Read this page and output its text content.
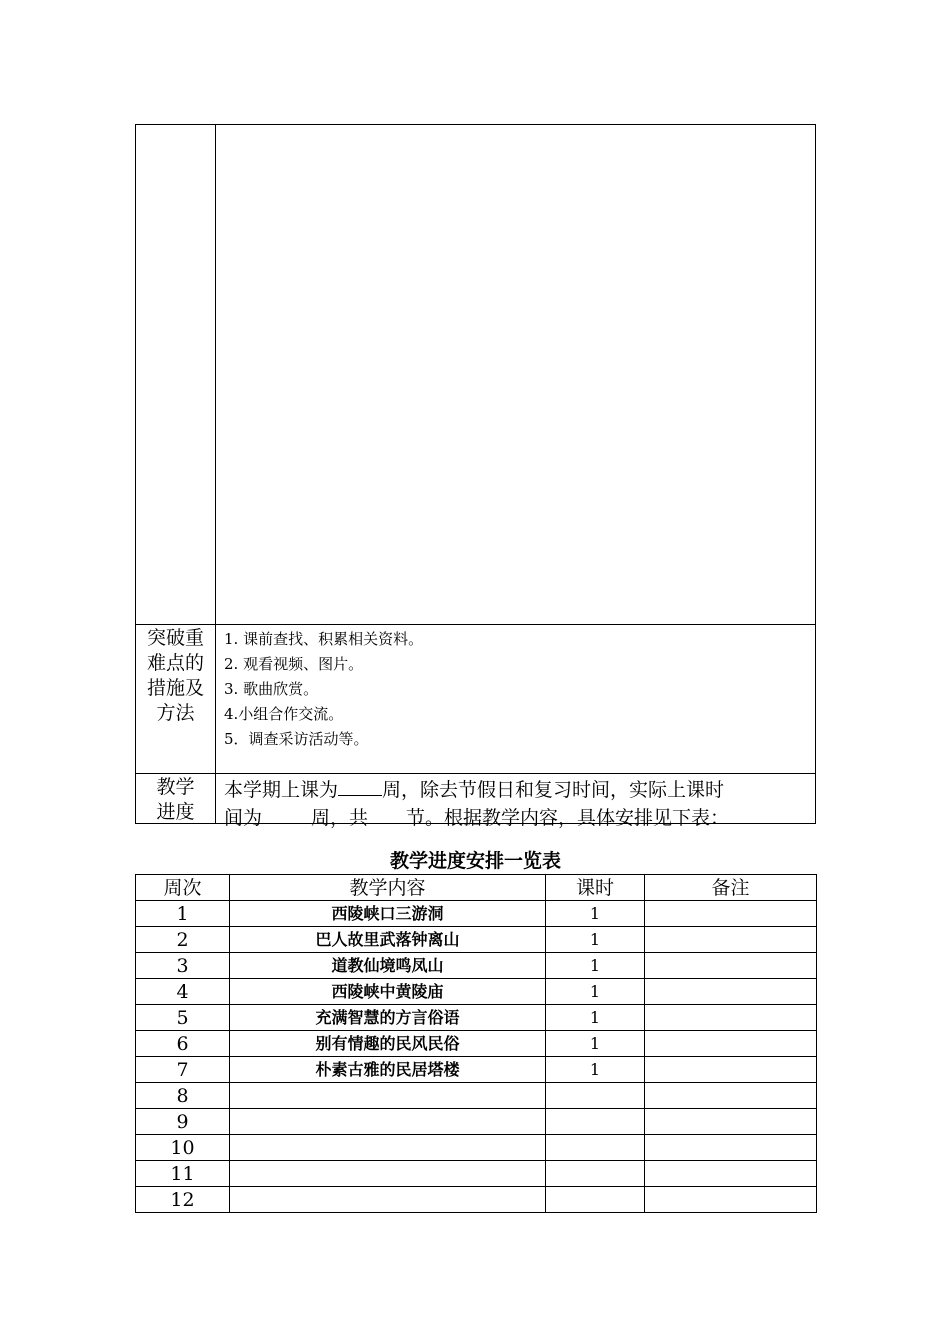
突破重难点的措施及方法
1. 课前查找、积累相关资料。
2. 观看视频、图片。
3. 歌曲欣赏。
4.小组合作交流。
5．调查采访活动等。
教学进度
本学期上课为 周，除去节假日和复习时间，实际上课时
间为	周，共 节。根据教学内容，具体安排见下表：
教学进度安排一览表
周次	教学内容	课时	备注
1	西陵峡口三游洞	1	
2	巴人故里武落钟离山	1	
3	道教仙境鸣凤山	1	
4	西陵峡中黄陵庙	1	
5	充满智慧的方言俗语	1	
6	别有情趣的民风民俗	1	
7	朴素古雅的民居塔楼	1	
8			
9			
10			
11			
12			
